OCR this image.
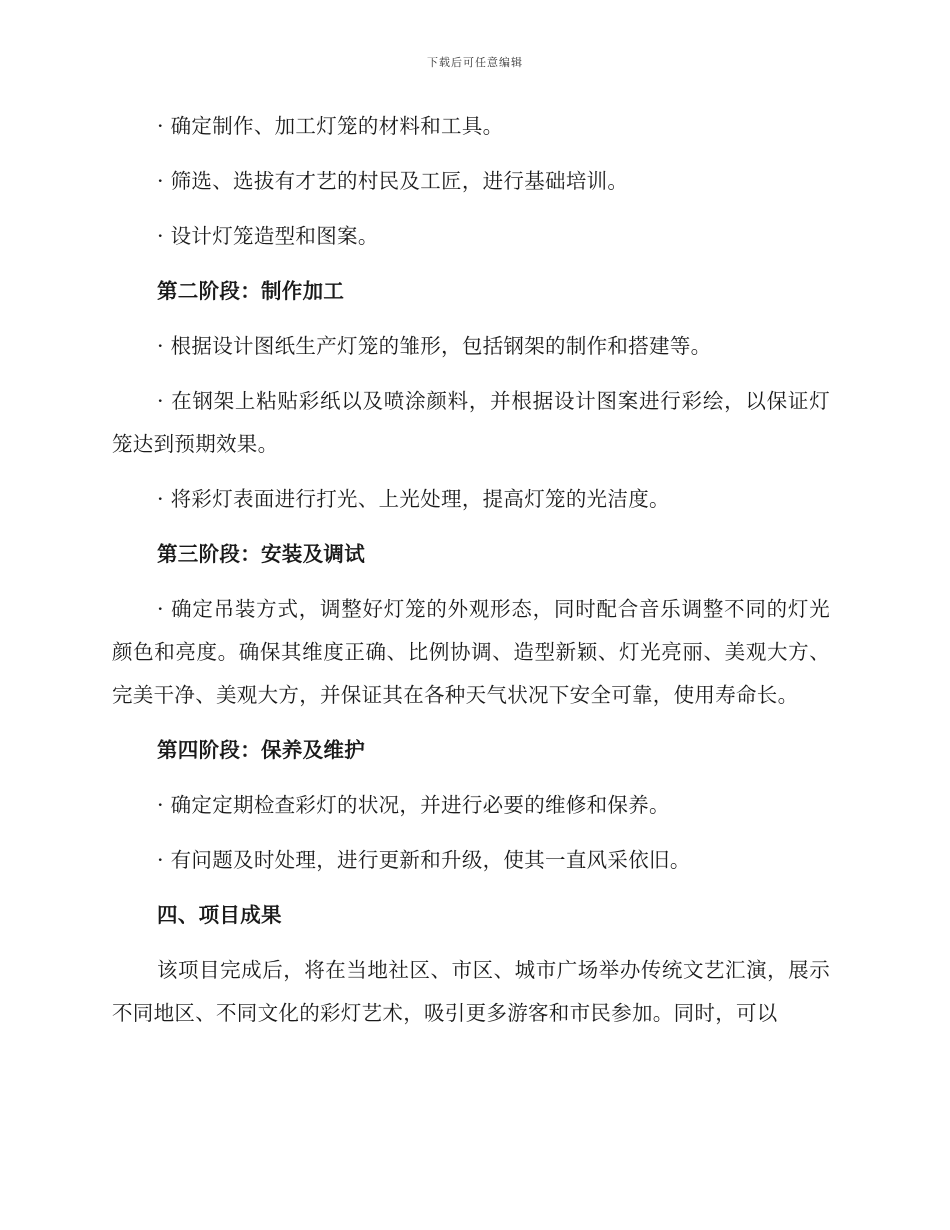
下载后可任意编辑

· 确定制作、加工灯笼的材料和工具。

· 筛选、选拔有才艺的村民及工匠，进行基础培训。

· 设计灯笼造型和图案。

第二阶段：制作加工

· 根据设计图纸生产灯笼的雏形，包括钢架的制作和搭建等。

· 在钢架上粘贴彩纸以及喷涂颜料，并根据设计图案进行彩绘，以保证灯笼达到预期效果。

· 将彩灯表面进行打光、上光处理，提高灯笼的光洁度。

第三阶段：安装及调试

· 确定吊装方式，调整好灯笼的外观形态，同时配合音乐调整不同的灯光颜色和亮度。确保其维度正确、比例协调、造型新颖、灯光亮丽、美观大方、完美干净、美观大方，并保证其在各种天气状况下安全可靠，使用寿命长。

第四阶段：保养及维护

· 确定定期检查彩灯的状况，并进行必要的维修和保养。

· 有问题及时处理，进行更新和升级，使其一直风采依旧。

四、项目成果

该项目完成后，将在当地社区、市区、城市广场举办传统文艺汇演，展示不同地区、不同文化的彩灯艺术，吸引更多游客和市民参加。同时，可以
